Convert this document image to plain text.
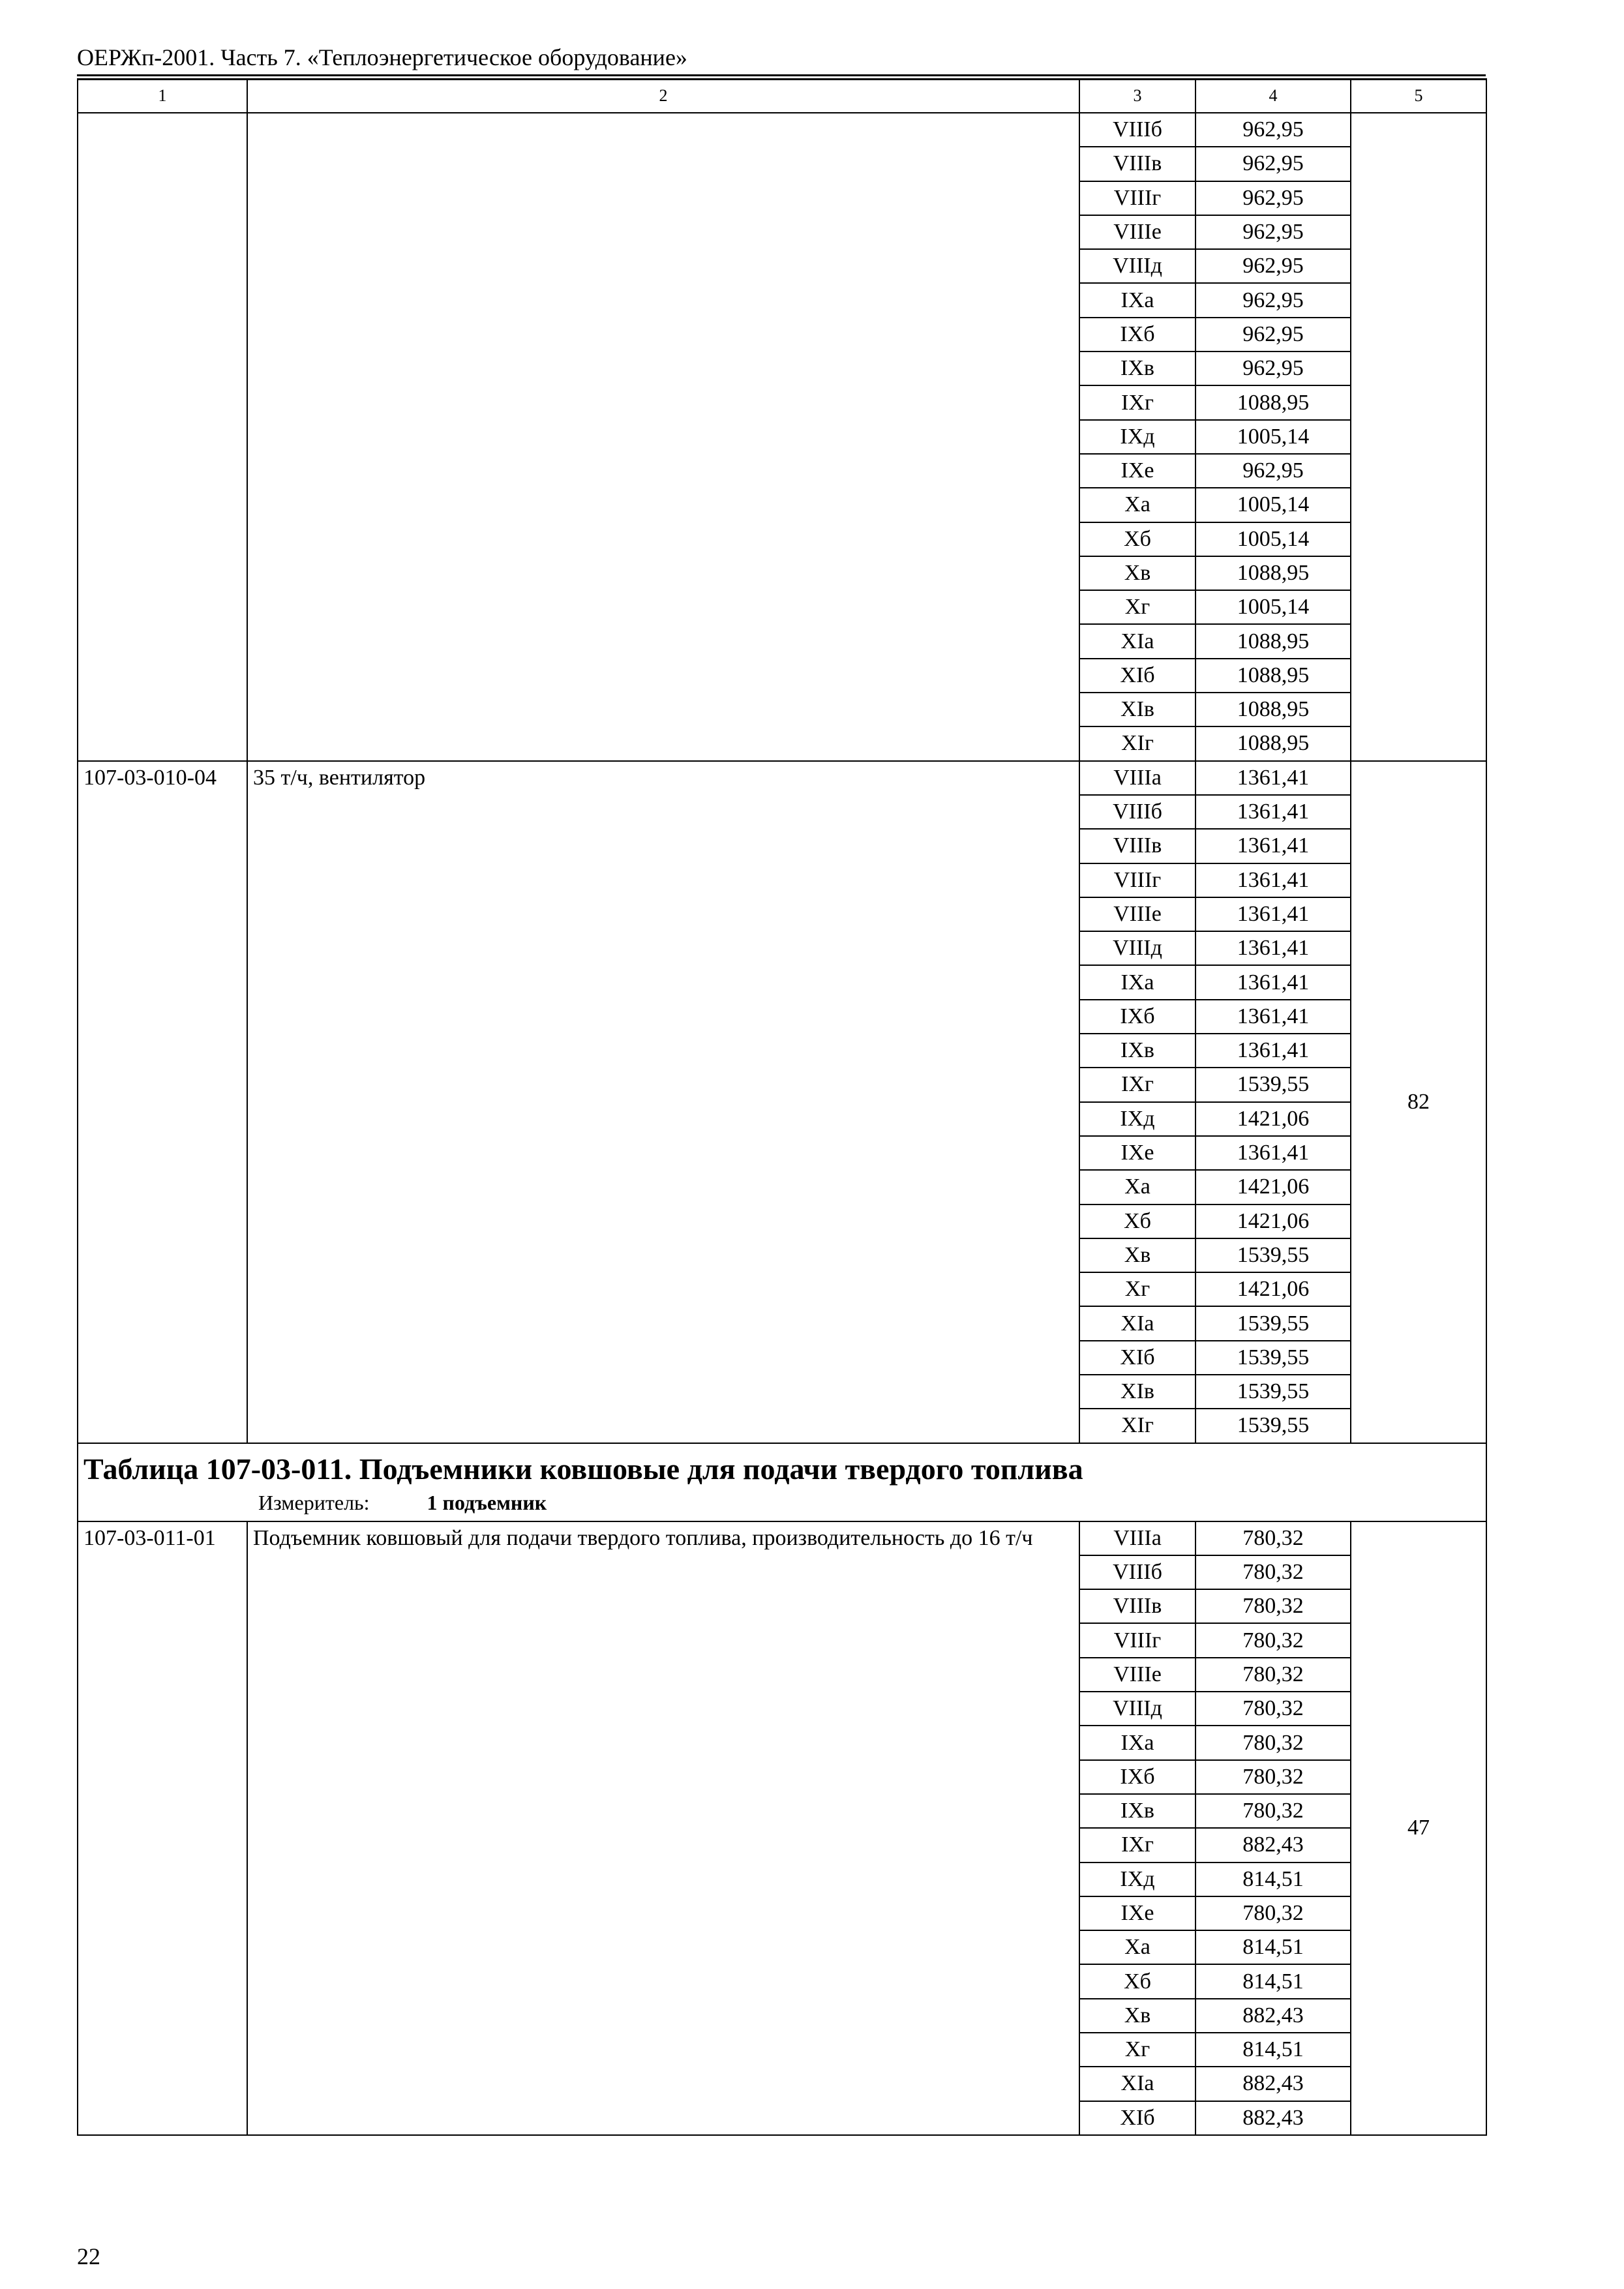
ОЕРЖп-2001. Часть 7. «Теплоэнергетическое оборудование»
1	2	3	4	5
		VIIIб	962,95	
		VIIIв	962,95	
		VIIIг	962,95	
		VIIIе	962,95	
		VIIIд	962,95	
		IXа	962,95	
		IXб	962,95	
		IXв	962,95	
		IXг	1088,95	
		IXд	1005,14	
		IXе	962,95	
		Xа	1005,14	
		Xб	1005,14	
		Xв	1088,95	
		Xг	1005,14	
		XIа	1088,95	
		XIб	1088,95	
		XIв	1088,95	
		XIг	1088,95	
107-03-010-04	35 т/ч, вентилятор	VIIIа	1361,41	82
		VIIIб	1361,41	
		VIIIв	1361,41	
		VIIIг	1361,41	
		VIIIе	1361,41	
		VIIIд	1361,41	
		IXа	1361,41	
		IXб	1361,41	
		IXв	1361,41	
		IXг	1539,55	
		IXд	1421,06	
		IXе	1361,41	
		Xа	1421,06	
		Xб	1421,06	
		Xв	1539,55	
		Xг	1421,06	
		XIа	1539,55	
		XIб	1539,55	
		XIв	1539,55	
		XIг	1539,55	

Таблица 107-03-011. Подъемники ковшовые для подачи твердого топлива
Измеритель: 1 подъемник				

107-03-011-01	Подъемник ковшовый для подачи твердого топлива, производительность до 16 т/ч	VIIIа	780,32	47
		VIIIб	780,32	
		VIIIв	780,32	
		VIIIг	780,32	
		VIIIе	780,32	
		VIIIд	780,32	
		IXа	780,32	
		IXб	780,32	
		IXв	780,32	
		IXг	882,43	
		IXд	814,51	
		IXе	780,32	
		Xа	814,51	
		Xб	814,51	
		Xв	882,43	
		Xг	814,51	
		XIа	882,43	
		XIб	882,43	
22
